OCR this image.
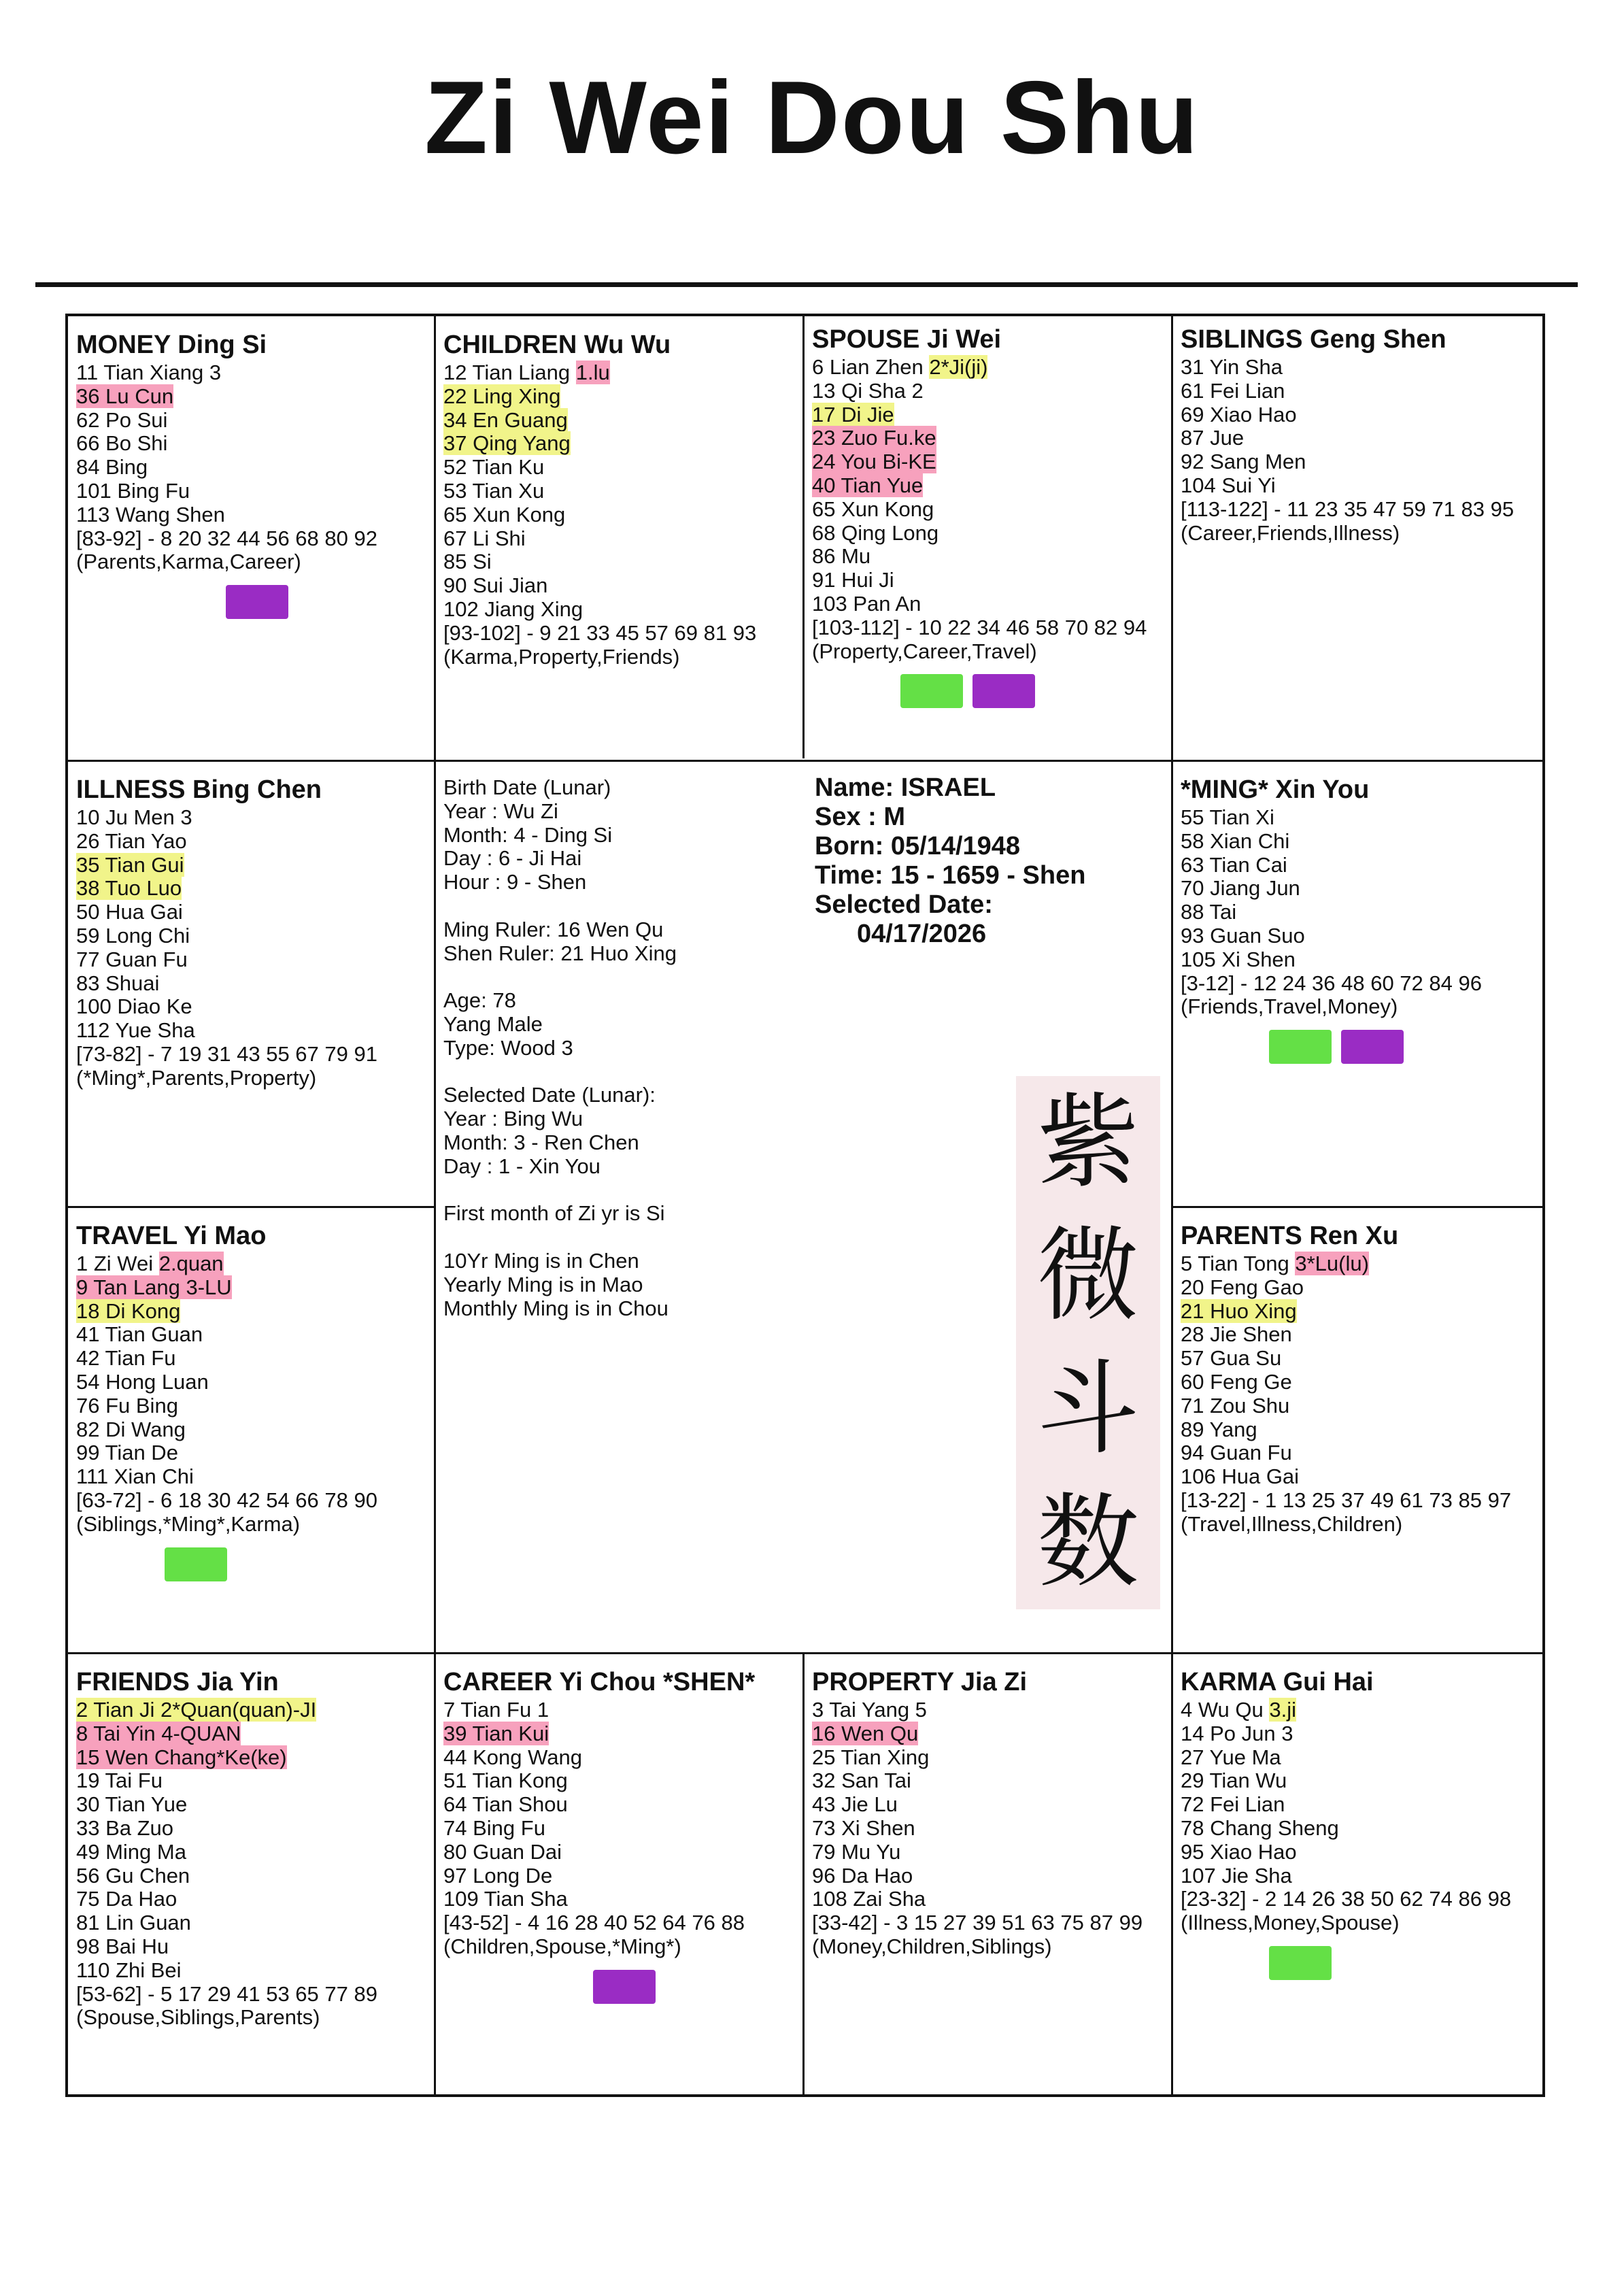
Zi Wei Dou Shu
MONEY Ding Si
11 Tian Xiang 3
36 Lu Cun
62 Po Sui
66 Bo Shi
84 Bing
101 Bing Fu
113 Wang Shen
[83-92] - 8 20 32 44 56 68 80 92
(Parents,Karma,Career)
CHILDREN Wu Wu
12 Tian Liang 1.lu
22 Ling Xing
34 En Guang
37 Qing Yang
52 Tian Ku
53 Tian Xu
65 Xun Kong
67 Li Shi
85 Si
90 Sui Jian
102 Jiang Xing
[93-102] - 9 21 33 45 57 69 81 93
(Karma,Property,Friends)
SPOUSE Ji Wei
6 Lian Zhen 2*Ji(ji)
13 Qi Sha 2
17 Di Jie
23 Zuo Fu.ke
24 You Bi-KE
40 Tian Yue
65 Xun Kong
68 Qing Long
86 Mu
91 Hui Ji
103 Pan An
[103-112] - 10 22 34 46 58 70 82 94
(Property,Career,Travel)
SIBLINGS Geng Shen
31 Yin Sha
61 Fei Lian
69 Xiao Hao
87 Jue
92 Sang Men
104 Sui Yi
[113-122] - 11 23 35 47 59 71 83 95
(Career,Friends,Illness)
ILLNESS Bing Chen
10 Ju Men 3
26 Tian Yao
35 Tian Gui
38 Tuo Luo
50 Hua Gai
59 Long Chi
77 Guan Fu
83 Shuai
100 Diao Ke
112 Yue Sha
[73-82] - 7 19 31 43 55 67 79 91
(*Ming*,Parents,Property)
*MING* Xin You
55 Tian Xi
58 Xian Chi
63 Tian Cai
70 Jiang Jun
88 Tai
93 Guan Suo
105 Xi Shen
[3-12] - 12 24 36 48 60 72 84 96
(Friends,Travel,Money)
TRAVEL Yi Mao
1 Zi Wei 2.quan
9 Tan Lang 3-LU
18 Di Kong
41 Tian Guan
42 Tian Fu
54 Hong Luan
76 Fu Bing
82 Di Wang
99 Tian De
111 Xian Chi
[63-72] - 6 18 30 42 54 66 78 90
(Siblings,*Ming*,Karma)
PARENTS Ren Xu
5 Tian Tong 3*Lu(lu)
20 Feng Gao
21 Huo Xing
28 Jie Shen
57 Gua Su
60 Feng Ge
71 Zou Shu
89 Yang
94 Guan Fu
106 Hua Gai
[13-22] - 1 13 25 37 49 61 73 85 97
(Travel,Illness,Children)
FRIENDS Jia Yin
2 Tian Ji 2*Quan(quan)-JI
8 Tai Yin 4-QUAN
15 Wen Chang*Ke(ke)
19 Tai Fu
30 Tian Yue
33 Ba Zuo
49 Ming Ma
56 Gu Chen
75 Da Hao
81 Lin Guan
98 Bai Hu
110 Zhi Bei
[53-62] - 5 17 29 41 53 65 77 89
(Spouse,Siblings,Parents)
CAREER Yi Chou *SHEN*
7 Tian Fu 1
39 Tian Kui
44 Kong Wang
51 Tian Kong
64 Tian Shou
74 Bing Fu
80 Guan Dai
97 Long De
109 Tian Sha
[43-52] - 4 16 28 40 52 64 76 88
(Children,Spouse,*Ming*)
PROPERTY Jia Zi
3 Tai Yang 5
16 Wen Qu
25 Tian Xing
32 San Tai
43 Jie Lu
73 Xi Shen
79 Mu Yu
96 Da Hao
108 Zai Sha
[33-42] - 3 15 27 39 51 63 75 87 99
(Money,Children,Siblings)
KARMA Gui Hai
4 Wu Qu 3.ji
14 Po Jun 3
27 Yue Ma
29 Tian Wu
72 Fei Lian
78 Chang Sheng
95 Xiao Hao
107 Jie Sha
[23-32] - 2 14 26 38 50 62 74 86 98
(Illness,Money,Spouse)
Birth Date (Lunar)
Year : Wu Zi
Month: 4 - Ding Si
Day : 6 - Ji Hai
Hour : 9 - Shen
Ming Ruler: 16 Wen Qu
Shen Ruler: 21 Huo Xing
Age: 78
Yang Male
Type: Wood 3
Selected Date (Lunar):
Year : Bing Wu
Month: 3 - Ren Chen
Day : 1 - Xin You
First month of Zi yr is Si
10Yr Ming is in Chen
Yearly Ming is in Mao
Monthly Ming is in Chou
Name: ISRAEL
Sex : M
Born: 05/14/1948
Time: 15 - 1659 - Shen
Selected Date:
04/17/2026
紫
微
斗
数
